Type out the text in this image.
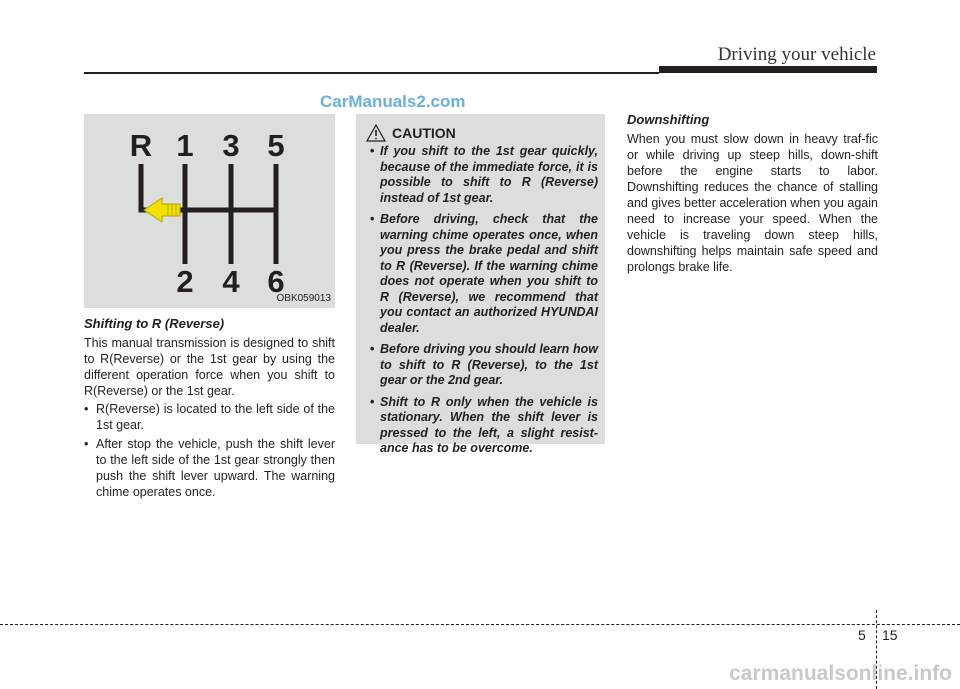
Driving your vehicle
CarManuals2.com
R 1 3 5
2 4 6
OBK059013

Shifting to R (Reverse)

This manual transmission is designed to shift to R(Reverse) or the 1st gear by using the different operation force when you shift to R(Reverse) or the 1st gear.

• R(Reverse) is located to the left side of the 1st gear.
• After stop the vehicle, push the shift lever to the left side of the 1st gear strongly then push the shift lever upward. The warning chime operates once.
CAUTION
• If you shift to the 1st gear quickly, because of the immediate force, it is possible to shift to R (Reverse) instead of 1st gear.
• Before driving, check that the warning chime operates once, when you press the brake pedal and shift to R (Reverse). If the warning chime does not operate when you shift to R (Reverse), we recommend that you contact an authorized HYUNDAI dealer.
• Before driving you should learn how to shift to R (Reverse), to the 1st gear or the 2nd gear.
• Shift to R only when the vehicle is stationary. When the shift lever is pressed to the left, a slight resist-ance has to be overcome.

Downshifting

When you must slow down in heavy traf-fic or while driving up steep hills, down-shift before the engine starts to labor. Downshifting reduces the chance of stalling and gives better acceleration when you again need to increase your speed. When the vehicle is traveling down steep hills, downshifting helps maintain safe speed and prolongs brake life.

5 15
carmanualsonline.info
